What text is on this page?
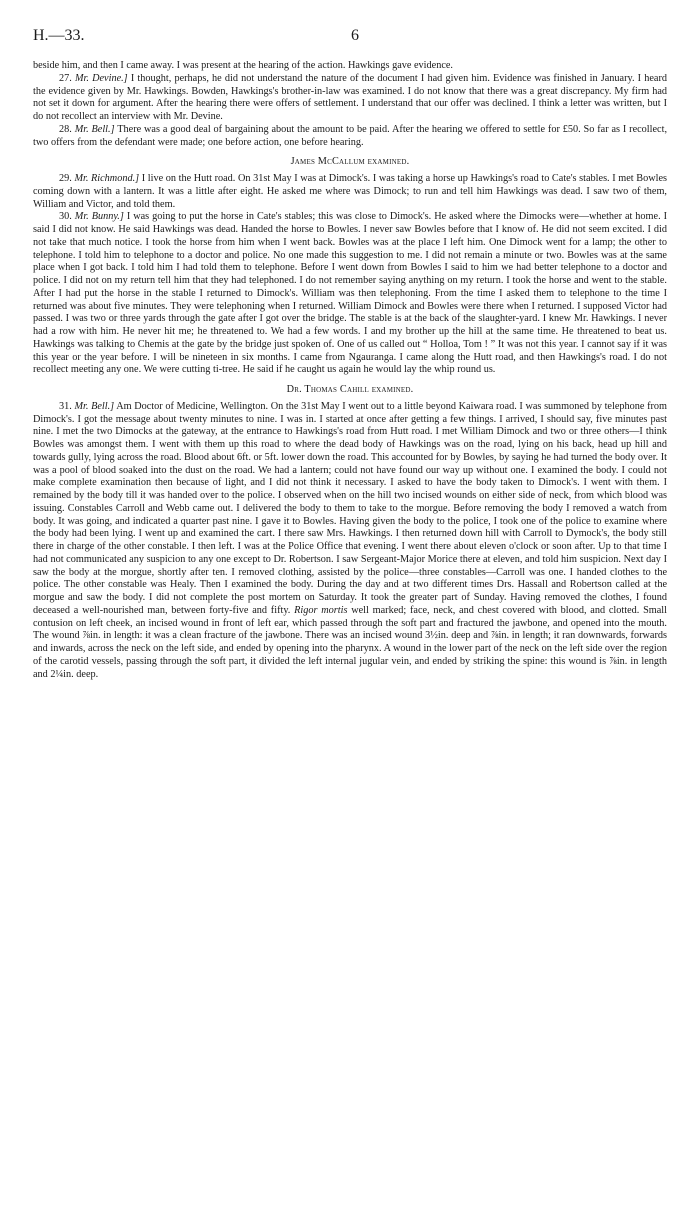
H.—33.	6

beside him, and then I came away. I was present at the hearing of the action. Hawkings gave evidence.

27. Mr. Devine.] I thought, perhaps, he did not understand the nature of the document I had given him. Evidence was finished in January. I heard the evidence given by Mr. Hawkings. Bowden, Hawkings's brother-in-law was examined. I do not know that there was a great discrepancy. My firm had not set it down for argument. After the hearing there were offers of settlement. I understand that our offer was declined. I think a letter was written, but I do not recollect an interview with Mr. Devine.

28. Mr. Bell.] There was a good deal of bargaining about the amount to be paid. After the hearing we offered to settle for £50. So far as I recollect, two offers from the defendant were made; one before action, one before hearing.

James McCallum examined.

29. Mr. Richmond.] I live on the Hutt road. On 31st May I was at Dimock's. I was taking a horse up Hawkings's road to Cate's stables. I met Bowles coming down with a lantern. It was a little after eight. He asked me where was Dimock; to run and tell him Hawkings was dead. I saw two of them, William and Victor, and told them.

30. Mr. Bunny.] I was going to put the horse in Cate's stables; this was close to Dimock's. He asked where the Dimocks were—whether at home. I said I did not know. He said Hawkings was dead. Handed the horse to Bowles. I never saw Bowles before that I know of. He did not seem excited. I did not take that much notice. I took the horse from him when I went back. Bowles was at the place I left him. One Dimock went for a lamp; the other to telephone. I told him to telephone to a doctor and police. No one made this suggestion to me. I did not remain a minute or two. Bowles was at the same place when I got back. I told him I had told them to telephone. Before I went down from Bowles I said to him we had better telephone to a doctor and police. I did not on my return tell him that they had telephoned. I do not remember saying anything on my return. I took the horse and went to the stable. After I had put the horse in the stable I returned to Dimock's. William was then telephoning. From the time I asked them to telephone to the time I returned was about five minutes. They were telephoning when I returned. William Dimock and Bowles were there when I returned. I supposed Victor had passed. I was two or three yards through the gate after I got over the bridge. The stable is at the back of the slaughter-yard. I knew Mr. Hawkings. I never had a row with him. He never hit me; he threatened to. We had a few words. I and my brother up the hill at the same time. He threatened to beat us. Hawkings was talking to Chemis at the gate by the bridge just spoken of. One of us called out “ Holloa, Tom ! ” It was not this year. I cannot say if it was this year or the year before. I will be nineteen in six months. I came from Ngauranga. I came along the Hutt road, and then Hawkings's road. I do not recollect meeting any one. We were cutting ti-tree. He said if he caught us again he would lay the whip round us.

Dr. Thomas Cahill examined.

31. Mr. Bell.] Am Doctor of Medicine, Wellington. On the 31st May I went out to a little beyond Kaiwara road. I was summoned by telephone from Dimock's. I got the message about twenty minutes to nine. I was in. I started at once after getting a few things. I arrived, I should say, five minutes past nine. I met the two Dimocks at the gateway, at the entrance to Hawkings's road from Hutt road. I met William Dimock and two or three others—I think Bowles was amongst them. I went with them up this road to where the dead body of Hawkings was on the road, lying on his back, head up hill and towards gully, lying across the road. Blood about 6ft. or 5ft. lower down the road. This accounted for by Bowles, by saying he had turned the body over. It was a pool of blood soaked into the dust on the road. We had a lantern; could not have found our way up without one. I examined the body. I could not make complete examination then because of light, and I did not think it necessary. I asked to have the body taken to Dimock's. I went with them. I remained by the body till it was handed over to the police. I observed when on the hill two incised wounds on either side of neck, from which blood was issuing. Constables Carroll and Webb came out. I delivered the body to them to take to the morgue. Before removing the body I removed a watch from body. It was going, and indicated a quarter past nine. I gave it to Bowles. Having given the body to the police, I took one of the police to examine where the body had been lying. I went up and examined the cart. I there saw Mrs. Hawkings. I then returned down hill with Carroll to Dymock's, the body still there in charge of the other constable. I then left. I was at the Police Office that evening. I went there about eleven o'clock or soon after. Up to that time I had not communicated any suspicion to any one except to Dr. Robertson. I saw Sergeant-Major Morice there at eleven, and told him suspicion. Next day I saw the body at the morgue, shortly after ten. I removed clothing, assisted by the police—three constables—Carroll was one. I handed clothes to the police. The other constable was Healy. Then I examined the body. During the day and at two different times Drs. Hassall and Robertson called at the morgue and saw the body. I did not complete the post mortem on Saturday. It took the greater part of Sunday. Having removed the clothes, I found deceased a well-nourished man, between forty-five and fifty. Rigor mortis well marked; face, neck, and chest covered with blood, and clotted. Small contusion on left cheek, an incised wound in front of left ear, which passed through the soft part and fractured the jawbone, and opened into the mouth. The wound ⅞in. in length: it was a clean fracture of the jawbone. There was an incised wound 3½in. deep and ⅞in. in length; it ran downwards, forwards and inwards, across the neck on the left side, and ended by opening into the pharynx. A wound in the lower part of the neck on the left side over the region of the carotid vessels, passing through the soft part, it divided the left internal jugular vein, and ended by striking the spine: this wound is ⅞in. in length and 2¼in. deep.
